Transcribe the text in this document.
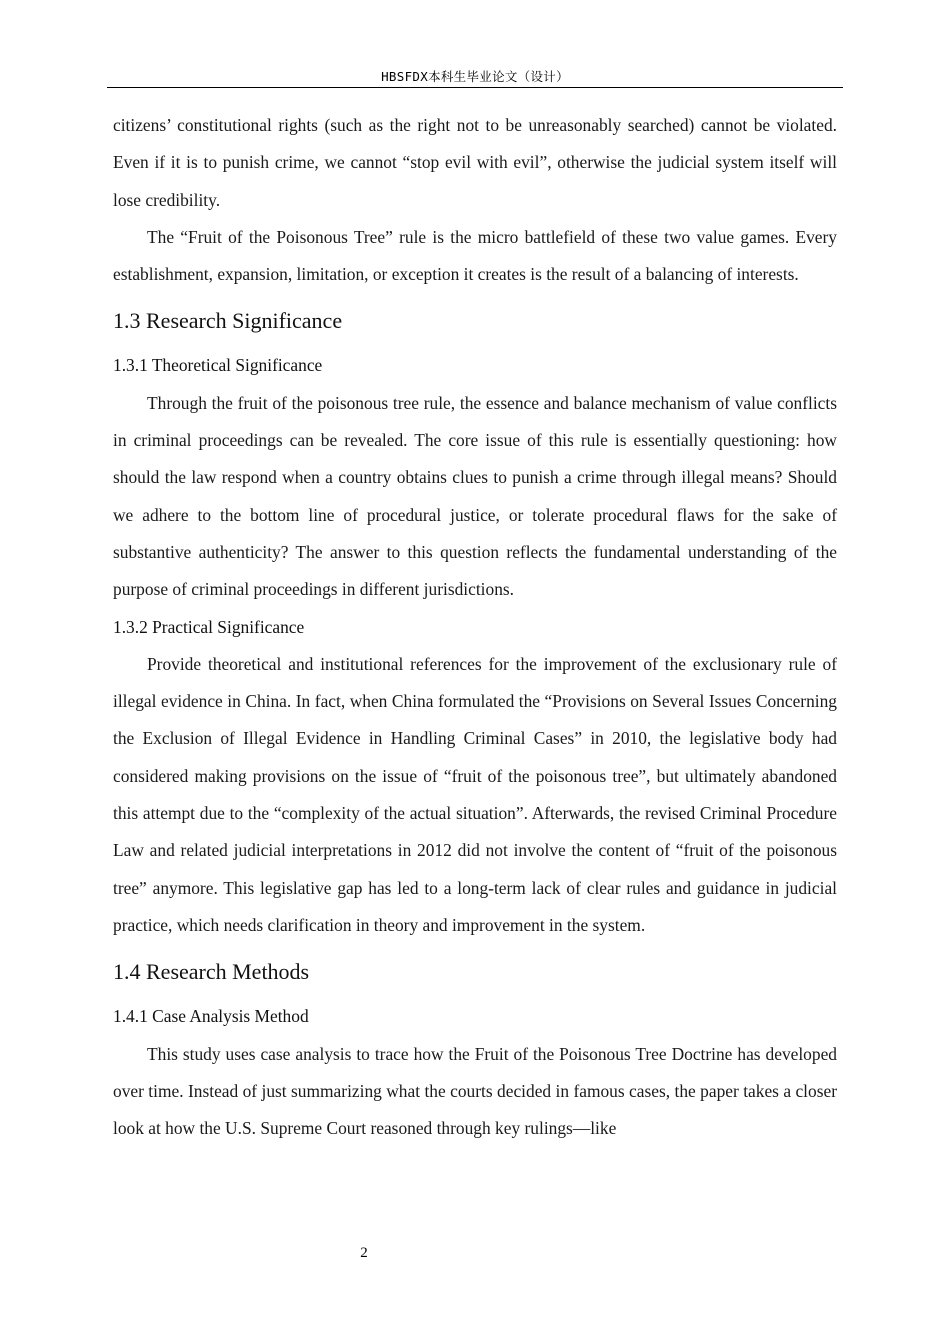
HBSFDX本科生毕业论文（设计）

citizens’ constitutional rights (such as the right not to be unreasonably searched) cannot be violated. Even if it is to punish crime, we cannot “stop evil with evil”, otherwise the judicial system itself will lose credibility.

The “Fruit of the Poisonous Tree” rule is the micro battlefield of these two value games. Every establishment, expansion, limitation, or exception it creates is the result of a balancing of interests.

1.3 Research Significance
1.3.1 Theoretical Significance

Through the fruit of the poisonous tree rule, the essence and balance mechanism of value conflicts in criminal proceedings can be revealed. The core issue of this rule is essentially questioning: how should the law respond when a country obtains clues to punish a crime through illegal means? Should we adhere to the bottom line of procedural justice, or tolerate procedural flaws for the sake of substantive authenticity? The answer to this question reflects the fundamental understanding of the purpose of criminal proceedings in different jurisdictions.

1.3.2 Practical Significance

Provide theoretical and institutional references for the improvement of the exclusionary rule of illegal evidence in China. In fact, when China formulated the “Provisions on Several Issues Concerning the Exclusion of Illegal Evidence in Handling Criminal Cases” in 2010, the legislative body had considered making provisions on the issue of “fruit of the poisonous tree”, but ultimately abandoned this attempt due to the “complexity of the actual situation”. Afterwards, the revised Criminal Procedure Law and related judicial interpretations in 2012 did not involve the content of “fruit of the poisonous tree” anymore. This legislative gap has led to a long-term lack of clear rules and guidance in judicial practice, which needs clarification in theory and improvement in the system.

1.4 Research Methods
1.4.1 Case Analysis Method

This study uses case analysis to trace how the Fruit of the Poisonous Tree Doctrine has developed over time. Instead of just summarizing what the courts decided in famous cases, the paper takes a closer look at how the U.S. Supreme Court reasoned through key rulings—like

2
